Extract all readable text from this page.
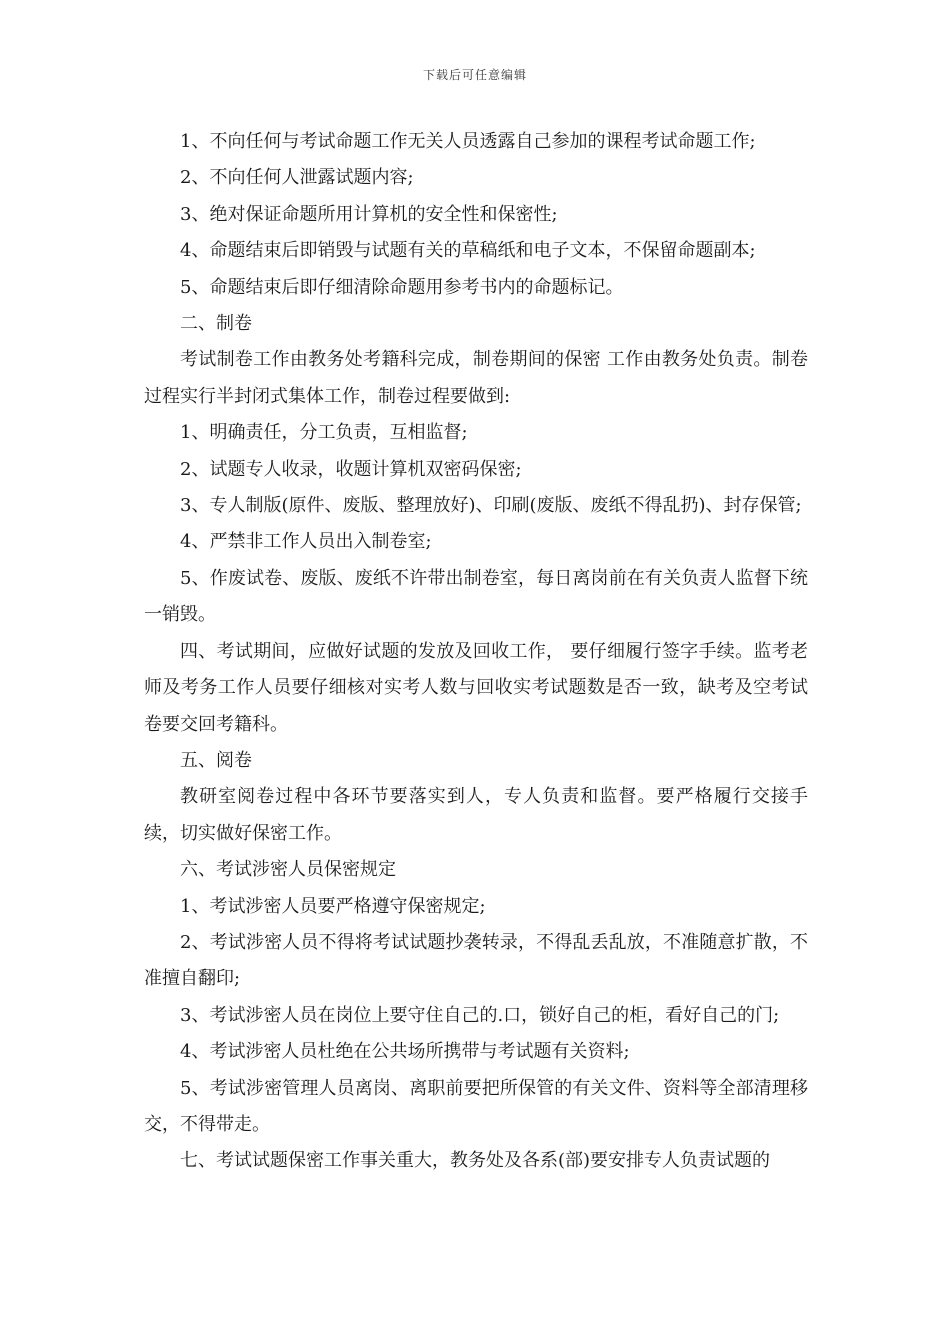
下载后可任意编辑

1、不向任何与考试命题工作无关人员透露自己参加的课程考试命题工作;

2、不向任何人泄露试题内容;

3、绝对保证命题所用计算机的安全性和保密性;

4、命题结束后即销毁与试题有关的草稿纸和电子文本，不保留命题副本;

5、命题结束后即仔细清除命题用参考书内的命题标记。

二、制卷

考试制卷工作由教务处考籍科完成，制卷期间的保密 工作由教务处负责。制卷过程实行半封闭式集体工作，制卷过程要做到:

1、明确责任，分工负责，互相监督;

2、试题专人收录，收题计算机双密码保密;

3、专人制版(原件、废版、整理放好)、印刷(废版、废纸不得乱扔)、封存保管;

4、严禁非工作人员出入制卷室;

5、作废试卷、废版、废纸不许带出制卷室，每日离岗前在有关负责人监督下统一销毁。

四、考试期间，应做好试题的发放及回收工作， 要仔细履行签字手续。监考老师及考务工作人员要仔细核对实考人数与回收实考试题数是否一致，缺考及空考试卷要交回考籍科。

五、阅卷

教研室阅卷过程中各环节要落实到人，专人负责和监督。要严格履行交接手续，切实做好保密工作。

六、考试涉密人员保密规定

1、考试涉密人员要严格遵守保密规定;

2、考试涉密人员不得将考试试题抄袭转录，不得乱丢乱放，不准随意扩散，不准擅自翻印;

3、考试涉密人员在岗位上要守住自己的.口，锁好自己的柜，看好自己的门;

4、考试涉密人员杜绝在公共场所携带与考试题有关资料;

5、考试涉密管理人员离岗、离职前要把所保管的有关文件、资料等全部清理移交，不得带走。

七、考试试题保密工作事关重大，教务处及各系(部)要安排专人负责试题的
